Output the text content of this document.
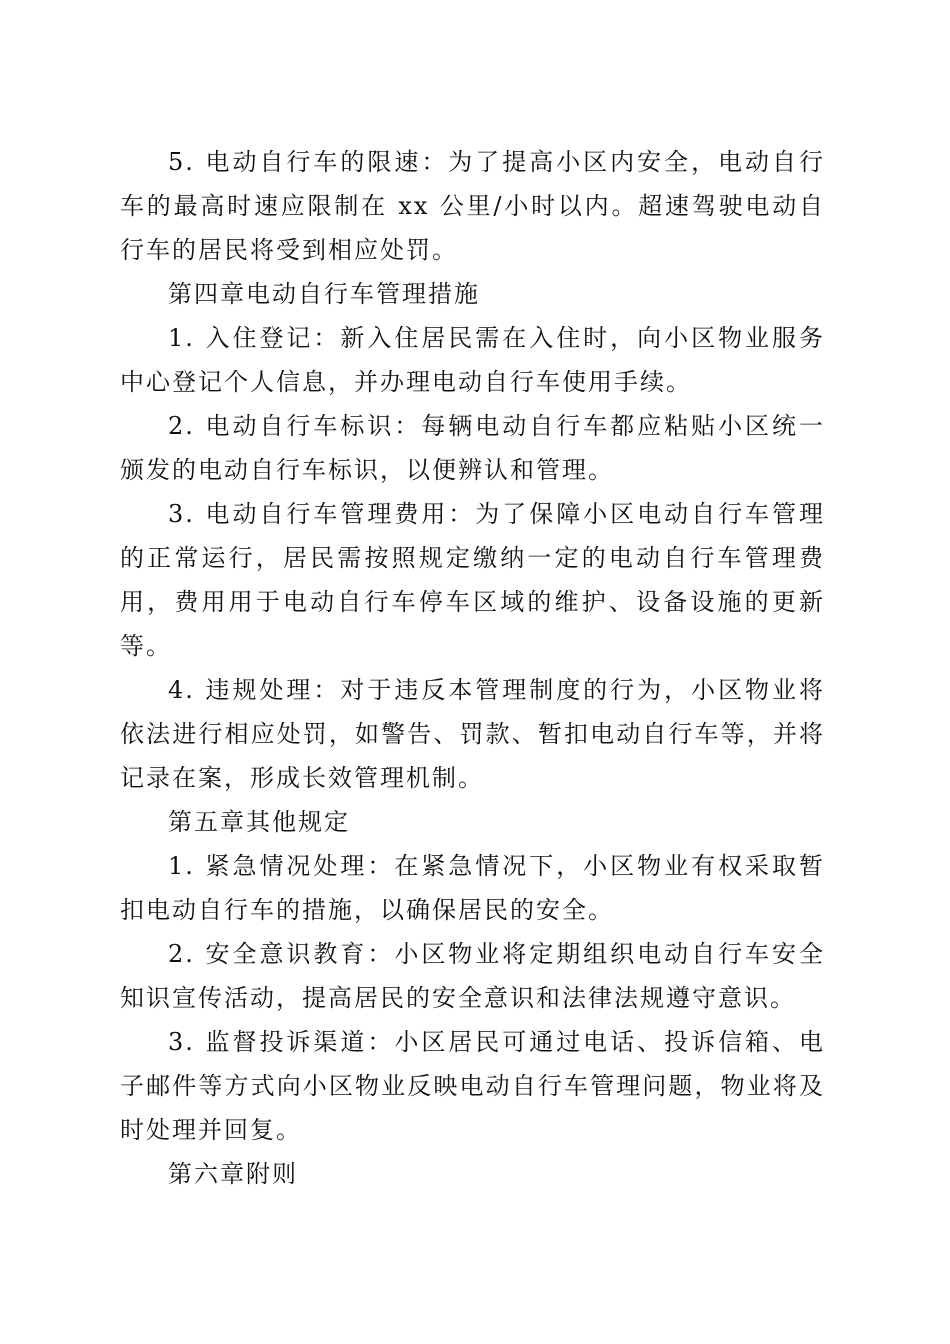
5. 电动自行车的限速：为了提高小区内安全，电动自行车的最高时速应限制在 xx 公里/小时以内。超速驾驶电动自行车的居民将受到相应处罚。

第四章电动自行车管理措施

1. 入住登记：新入住居民需在入住时，向小区物业服务中心登记个人信息，并办理电动自行车使用手续。

2. 电动自行车标识：每辆电动自行车都应粘贴小区统一颁发的电动自行车标识，以便辨认和管理。

3. 电动自行车管理费用：为了保障小区电动自行车管理的正常运行，居民需按照规定缴纳一定的电动自行车管理费用，费用用于电动自行车停车区域的维护、设备设施的更新等。

4. 违规处理：对于违反本管理制度的行为，小区物业将依法进行相应处罚，如警告、罚款、暂扣电动自行车等，并将记录在案，形成长效管理机制。

第五章其他规定

1. 紧急情况处理：在紧急情况下，小区物业有权采取暂扣电动自行车的措施，以确保居民的安全。

2. 安全意识教育：小区物业将定期组织电动自行车安全知识宣传活动，提高居民的安全意识和法律法规遵守意识。

3. 监督投诉渠道：小区居民可通过电话、投诉信箱、电子邮件等方式向小区物业反映电动自行车管理问题，物业将及时处理并回复。

第六章附则
